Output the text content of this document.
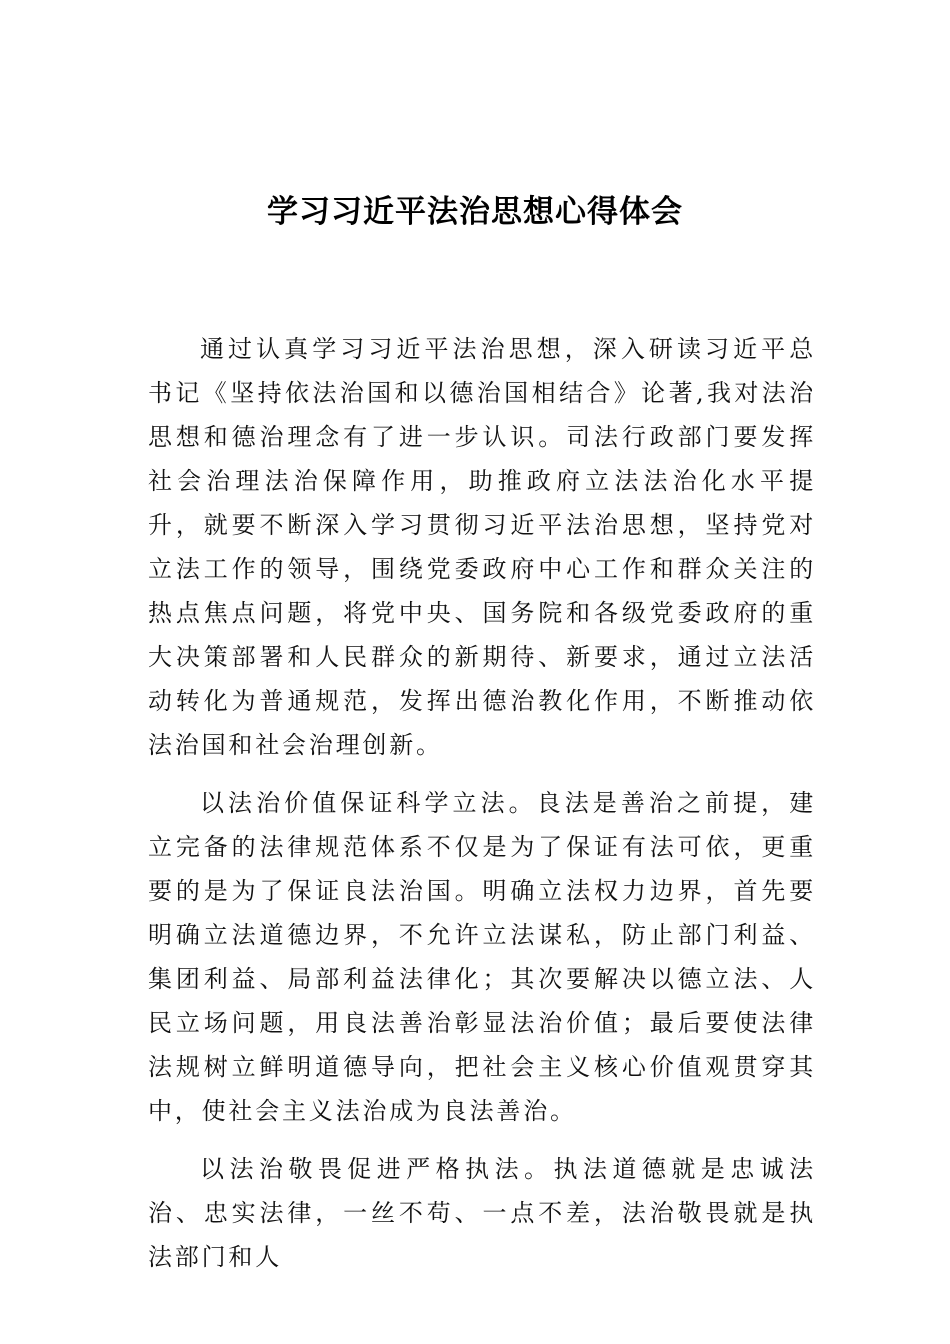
学习习近平法治思想心得体会

通过认真学习习近平法治思想，深入研读习近平总书记《坚持依法治国和以德治国相结合》论著,我对法治思想和德治理念有了进一步认识。司法行政部门要发挥社会治理法治保障作用，助推政府立法法治化水平提升，就要不断深入学习贯彻习近平法治思想，坚持党对立法工作的领导，围绕党委政府中心工作和群众关注的热点焦点问题，将党中央、国务院和各级党委政府的重大决策部署和人民群众的新期待、新要求，通过立法活动转化为普通规范，发挥出德治教化作用，不断推动依法治国和社会治理创新。

以法治价值保证科学立法。良法是善治之前提，建立完备的法律规范体系不仅是为了保证有法可依，更重要的是为了保证良法治国。明确立法权力边界，首先要明确立法道德边界，不允许立法谋私，防止部门利益、集团利益、局部利益法律化；其次要解决以德立法、人民立场问题，用良法善治彰显法治价值；最后要使法律法规树立鲜明道德导向，把社会主义核心价值观贯穿其中，使社会主义法治成为良法善治。

以法治敬畏促进严格执法。执法道德就是忠诚法治、忠实法律，一丝不苟、一点不差，法治敬畏就是执法部门和人
